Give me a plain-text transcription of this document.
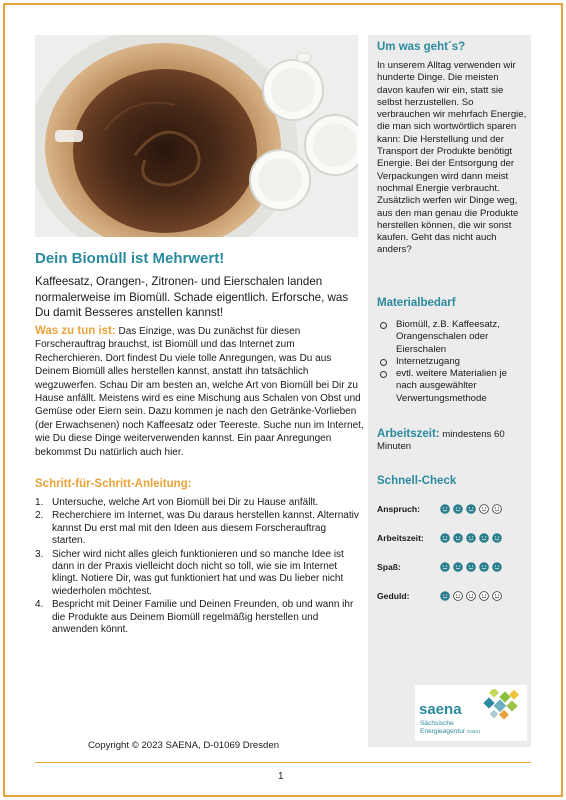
Dein Biomüll ist Mehrwert!

Kaffeesatz, Orangen-, Zitronen- und Eierschalen landen normalerweise im Biomüll. Schade eigentlich. Erforsche, was Du damit Besseres anstellen kannst!

Was zu tun ist: Das Einzige, was Du zunächst für diesen Forscherauftrag brauchst, ist Biomüll und das Internet zum Recherchieren. Dort findest Du viele tolle Anregungen, was Du aus Deinem Biomüll alles herstellen kannst, anstatt ihn tatsächlich wegzuwerfen. Schau Dir am besten an, welche Art von Biomüll bei Dir zu Hause anfällt. Meistens wird es eine Mischung aus Schalen von Obst und Gemüse oder Eiern sein. Dazu kommen je nach den Getränke-Vorlieben (der Erwachsenen) noch Kaffeesatz oder Teereste. Suche nun im Internet, wie Du diese Dinge weiterverwenden kannst. Ein paar Anregungen bekommst Du natürlich auch hier.

Schritt-für-Schritt-Anleitung:
1. Untersuche, welche Art von Biomüll bei Dir zu Hause anfällt.
2. Recherchiere im Internet, was Du daraus herstellen kannst. Alternativ kannst Du erst mal mit den Ideen aus diesem Forscherauftrag starten.
3. Sicher wird nicht alles gleich funktionieren und so manche Idee ist dann in der Praxis vielleicht doch nicht so toll, wie sie im Internet klingt. Notiere Dir, was gut funktioniert hat und was Du lieber nicht wiederholen möchtest.
4. Bespricht mit Deiner Familie und Deinen Freunden, ob und wann ihr die Produkte aus Deinem Biomüll regelmäßig herstellen und anwenden könnt.
Copyright © 2023 SAENA, D-01069 Dresden
1
Um was geht´s?

In unserem Alltag verwenden wir hunderte Dinge. Die meisten davon kaufen wir ein, statt sie selbst herzustellen. So verbrauchen wir mehrfach Energie, die man sich wortwörtlich sparen kann: Die Herstellung und der Transport der Produkte benötigt Energie. Bei der Entsorgung der Verpackungen wird dann meist nochmal Energie verbraucht. Zusätzlich werfen wir Dinge weg, aus den man genau die Produkte herstellen können, die wir sonst kaufen. Geht das nicht auch anders?

Materialbedarf
Biomüll, z.B. Kaffeesatz, Orangenschalen oder Eierschalen
Internetzugang
evtl. weitere Materialien je nach ausgewählter Verwertungsmethode
Arbeitszeit: mindestens 60 Minuten
Schnell-Check
Anspruch:
Arbeitszeit:
Spaß:
Geduld:
saena
Sächsische
Energieagentur GmbH
